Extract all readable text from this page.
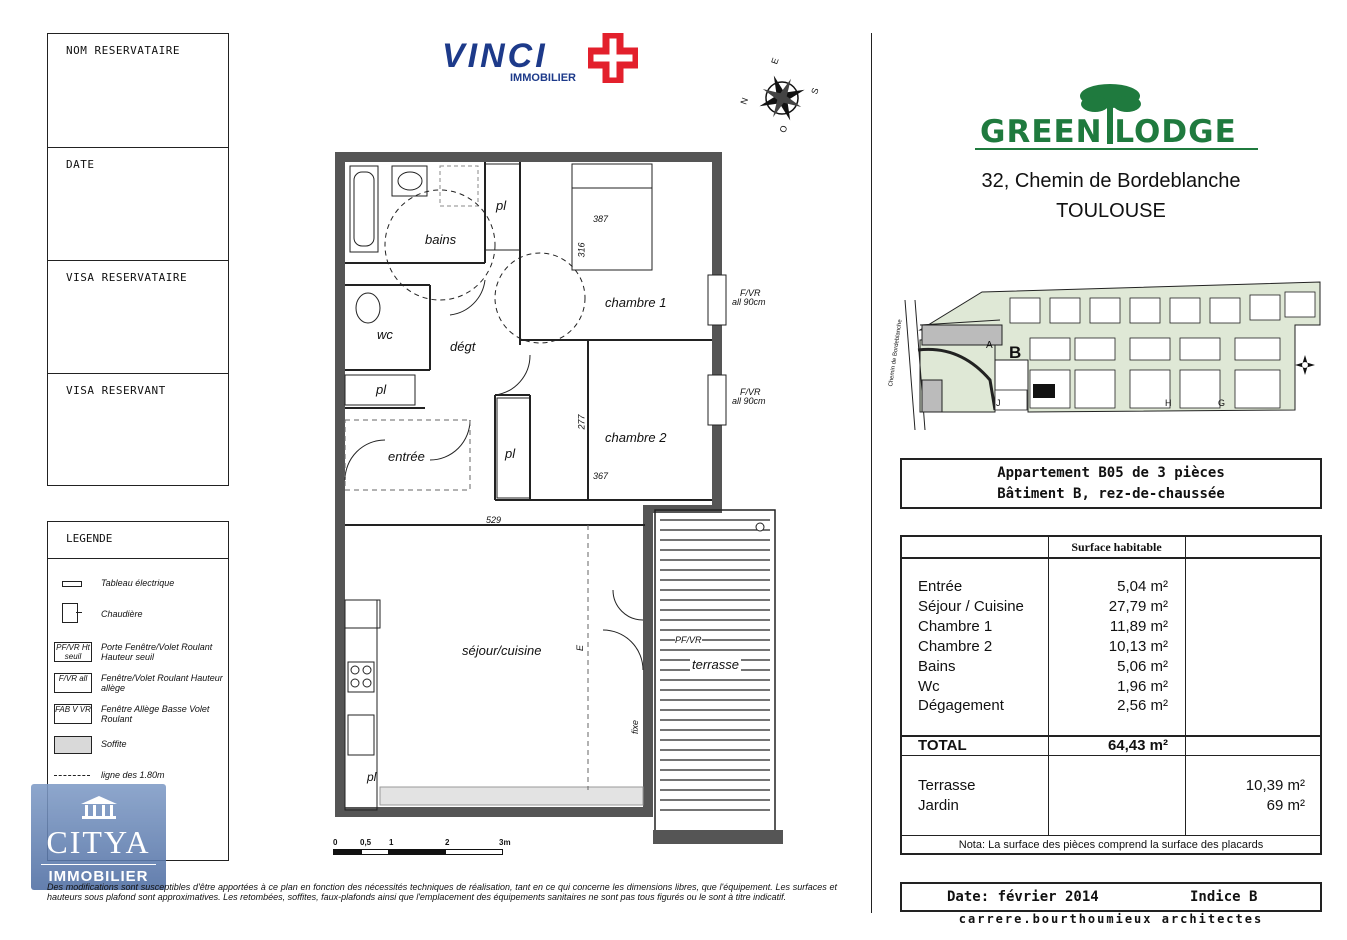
NOM RESERVATAIRE
DATE
VISA RESERVATAIRE
VISA RESERVANT
LEGENDE
Tableau électrique
Chaudière
PF/VR Ht seuil
Porte Fenêtre/Volet Roulant Hauteur seuil
F/VR all	Fenêtre/Volet Roulant Hauteur allège
FAB V VR Fenêtre Allège Basse Volet Roulant
Soffite
ligne des 1.80m
CITYA
IMMOBILIER
VINCI
IMMOBILIER
E
S
O
N
bains
pl
chambre 1
wc
dégt
pl
entrée	pl
chambre 2
séjour/cuisine
terrasse
pl
387
316
277
367
529
F/VR
all 90cm
F/VR
all 90cm
PF/VR
E
fixe
0	0,5 1	2	3m
Des modifications sont susceptibles d'être apportées à ce plan en fonction des nécessités techniques de réalisation, tant en ce qui concerne les dimensions libres, que l'équipement. Les surfaces et hauteurs sous plafond sont approximatives. Les retombées, soffites, faux-plafonds ainsi que l'emplacement des équipements sanitaires ne sont pas tous figurés ou le sont à titre indicatif.
GREEN LODGE
32, Chemin de Bordeblanche
TOULOUSE
A B
J	H	G
Chemin de Bordeblanche
Appartement B05 de 3 pièces
Bâtiment B, rez-de-chaussée
Surface habitable
Entrée	5,04 m²
Séjour / Cuisine	27,79 m²
Chambre 1	11,89 m²
Chambre 2	10,13 m²
Bains	5,06 m²
Wc	1,96 m²
Dégagement	2,56 m²
TOTAL	64,43 m²
Terrasse	10,39 m²
Jardin	69 m²
Nota: La surface des pièces comprend la surface des placards
Date: février 2014	Indice B
carrere.bourthoumieux architectes
